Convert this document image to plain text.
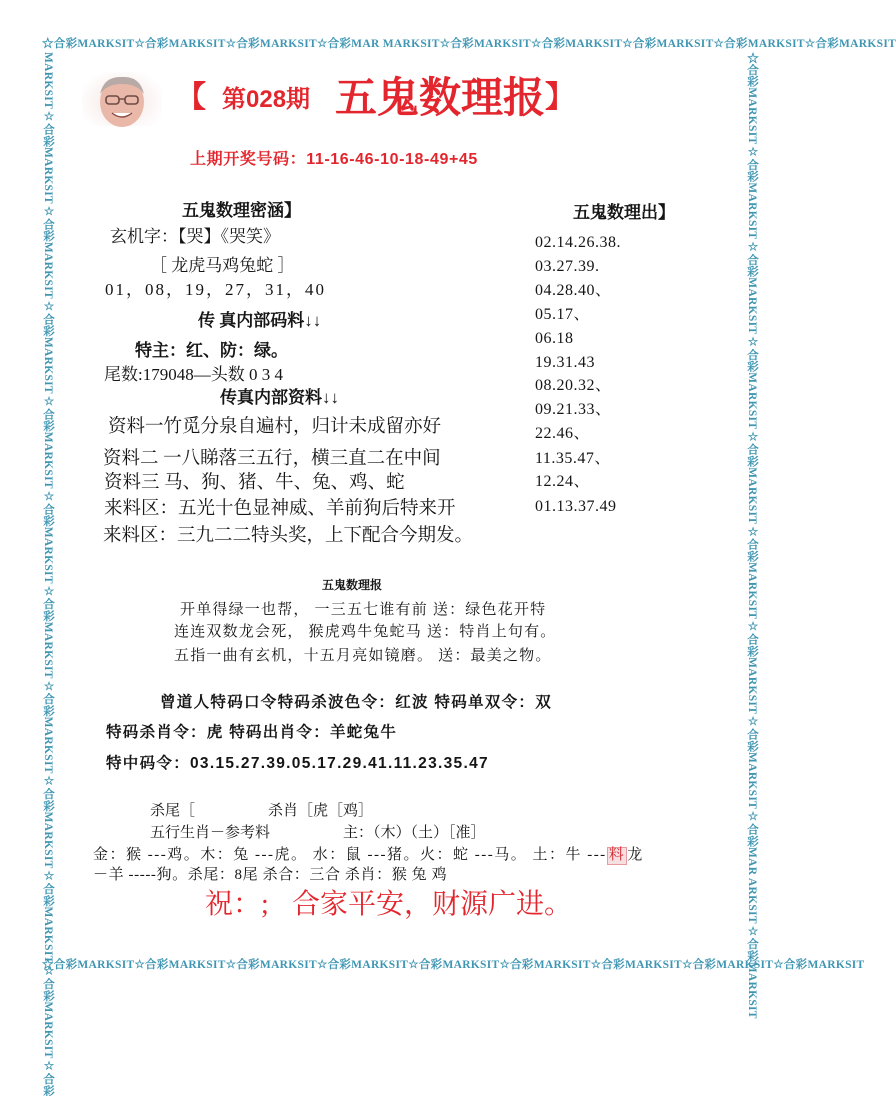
☆合彩MARKSIT☆合彩MARKSIT☆合彩MARKSIT☆合彩MAR MARKSIT☆合彩MARKSIT☆合彩MARKSIT☆合彩MARKSIT☆合彩MARKSIT☆合彩MARKSIT
☆合彩MARKSIT☆合彩MARKSIT☆合彩MARKSIT☆合彩MARKSIT☆合彩MARKSIT☆合彩MARKSIT☆合彩MARKSIT☆合彩MARKSIT☆合彩MARKSIT
MARKSIT☆合彩MARKSIT☆合彩MARKSIT☆合彩MARKSIT☆合彩MARKSIT☆合彩MARKSIT☆合彩MARKSIT☆合彩MARKSIT☆合彩MARKSIT☆合彩MARKSIT☆合彩MARKSIT☆合彩	☆合彩MARKSIT☆合彩MARKSIT☆合彩MARKSIT☆合彩MARKSIT☆合彩MARKSIT☆合彩MARKSIT☆合彩MARKSIT☆合彩MARKSIT☆合彩MAR ARKSIT☆合彩MARKSIT
【 第028期 五鬼数理报 】
上期开奖号码：11-16-46-10-18-49+45
五鬼数理密涵】
玄机字：【哭】《哭笑》
［ 龙虎马鸡兔蛇 ］
01，08，19，27，31，40
传 真内部码料↓↓
特主：红、防：绿。
尾数:179048—头数 0 3 4
传真内部资料↓↓
资料一竹觅分泉自遍村，归计未成留亦好
资料二 一八睇落三五行，横三直二在中间
资料三 马、狗、猪、牛、兔、鸡、蛇
来料区：五光十色显神威、羊前狗后特来开
来料区：三九二二特头奖，上下配合今期发。
五鬼数理出】
02.14.26.38.
03.27.39.
04.28.40、
05.17、
06.18
19.31.43
08.20.32、
09.21.33、
22.46、
11.35.47、
12.24、
01.13.37.49
五鬼数理报
开单得绿一也帮， 一三五七谁有前 送：绿色花开特
连连双数龙会死， 猴虎鸡牛兔蛇马 送：特肖上句有。
五指一曲有玄机，十五月亮如镜磨。 送：最美之物。
曾道人特码口令特码杀波色令：红波 特码单双令：双
特码杀肖令：虎 特码出肖令：羊蛇兔牛
特中码令：03.15.27.39.05.17.29.41.11.23.35.47
杀尾［	杀肖［虎［鸡］
五行生肖－参考料	主：（木）（土）［准］
金：猴 ---鸡。木：兔 ---虎。 水：鼠 ---猪。火：蛇 ---马。 土：牛 --- 料 龙
－羊 -----狗。杀尾：8尾 杀合：三合 杀肖：猴 兔 鸡
祝：; 合家平安，财源广进。
